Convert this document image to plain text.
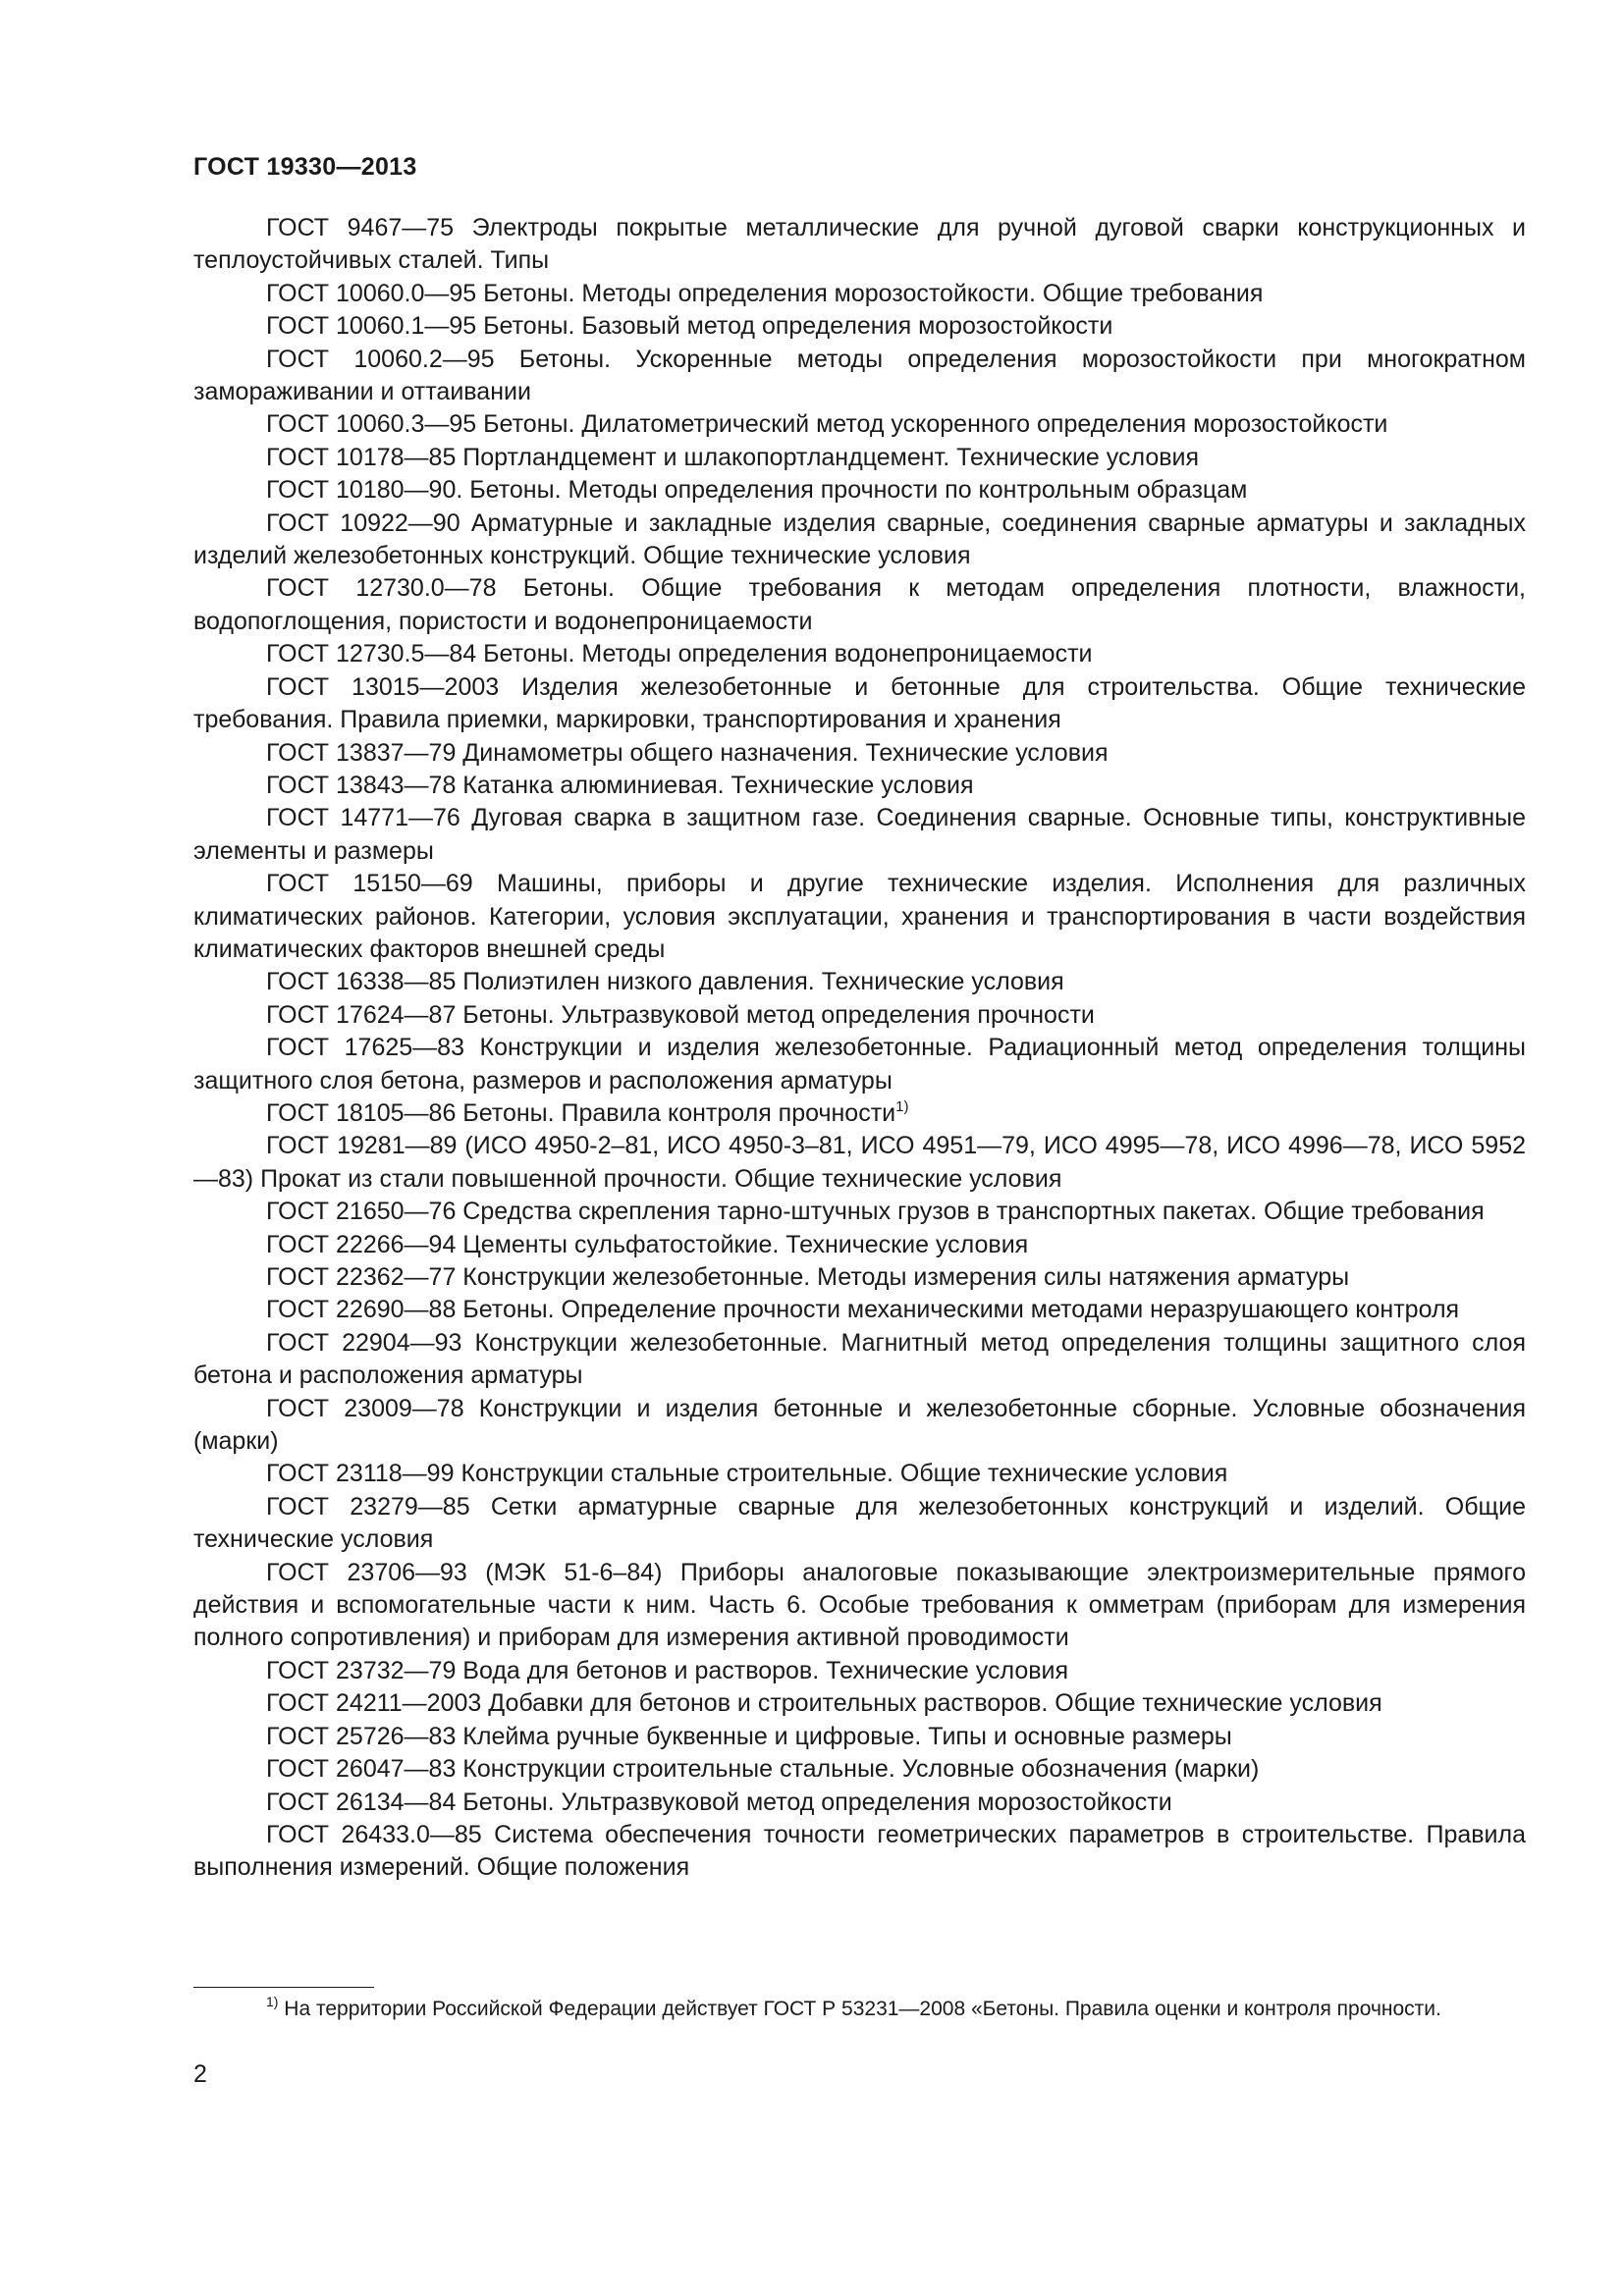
ГОСТ 19330—2013

ГОСТ 9467—75 Электроды покрытые металлические для ручной дуговой сварки конструкционных и теплоустойчивых сталей. Типы

ГОСТ 10060.0—95 Бетоны. Методы определения морозостойкости. Общие требования

ГОСТ 10060.1—95 Бетоны. Базовый метод определения морозостойкости

ГОСТ 10060.2—95 Бетоны. Ускоренные методы определения морозостойкости при многократном замораживании и оттаивании

ГОСТ 10060.3—95 Бетоны. Дилатометрический метод ускоренного определения морозостойкости

ГОСТ 10178—85 Портландцемент и шлакопортландцемент. Технические условия

ГОСТ 10180—90. Бетоны. Методы определения прочности по контрольным образцам

ГОСТ 10922—90 Арматурные и закладные изделия сварные, соединения сварные арматуры и закладных изделий железобетонных конструкций. Общие технические условия

ГОСТ 12730.0—78 Бетоны. Общие требования к методам определения плотности, влажности, водопоглощения, пористости и водонепроницаемости

ГОСТ 12730.5—84 Бетоны. Методы определения водонепроницаемости

ГОСТ 13015—2003 Изделия железобетонные и бетонные для строительства. Общие технические требования. Правила приемки, маркировки, транспортирования и хранения

ГОСТ 13837—79 Динамометры общего назначения. Технические условия

ГОСТ 13843—78 Катанка алюминиевая. Технические условия

ГОСТ 14771—76 Дуговая сварка в защитном газе. Соединения сварные. Основные типы, конструктивные элементы и размеры

ГОСТ 15150—69 Машины, приборы и другие технические изделия. Исполнения для различных климатических районов. Категории, условия эксплуатации, хранения и транспортирования в части воздействия климатических факторов внешней среды

ГОСТ 16338—85 Полиэтилен низкого давления. Технические условия

ГОСТ 17624—87 Бетоны. Ультразвуковой метод определения прочности

ГОСТ 17625—83 Конструкции и изделия железобетонные. Радиационный метод определения толщины защитного слоя бетона, размеров и расположения арматуры

ГОСТ 18105—86 Бетоны. Правила контроля прочности$^{1)}$

ГОСТ 19281—89 (ИСО 4950-2–81, ИСО 4950-3–81, ИСО 4951—79, ИСО 4995—78, ИСО 4996—78, ИСО 5952—83) Прокат из стали повышенной прочности. Общие технические условия

ГОСТ 21650—76 Средства скрепления тарно-штучных грузов в транспортных пакетах. Общие требования

ГОСТ 22266—94 Цементы сульфатостойкие. Технические условия

ГОСТ 22362—77 Конструкции железобетонные. Методы измерения силы натяжения арматуры

ГОСТ 22690—88 Бетоны. Определение прочности механическими методами неразрушающего контроля

ГОСТ 22904—93 Конструкции железобетонные. Магнитный метод определения толщины защитного слоя бетона и расположения арматуры

ГОСТ 23009—78 Конструкции и изделия бетонные и железобетонные сборные. Условные обозначения (марки)

ГОСТ 23118—99 Конструкции стальные строительные. Общие технические условия

ГОСТ 23279—85 Сетки арматурные сварные для железобетонных конструкций и изделий. Общие технические условия

ГОСТ 23706—93 (МЭК 51-6–84) Приборы аналоговые показывающие электроизмерительные прямого действия и вспомогательные части к ним. Часть 6. Особые требования к омметрам (приборам для измерения полного сопротивления) и приборам для измерения активной проводимости

ГОСТ 23732—79 Вода для бетонов и растворов. Технические условия

ГОСТ 24211—2003 Добавки для бетонов и строительных растворов. Общие технические условия

ГОСТ 25726—83 Клейма ручные буквенные и цифровые. Типы и основные размеры

ГОСТ 26047—83 Конструкции строительные стальные. Условные обозначения (марки)

ГОСТ 26134—84 Бетоны. Ультразвуковой метод определения морозостойкости

ГОСТ 26433.0—85 Система обеспечения точности геометрических параметров в строительстве. Правила выполнения измерений. Общие положения

$^{1)}$ На территории Российской Федерации действует ГОСТ Р 53231—2008 «Бетоны. Правила оценки и контроля прочности.

2
